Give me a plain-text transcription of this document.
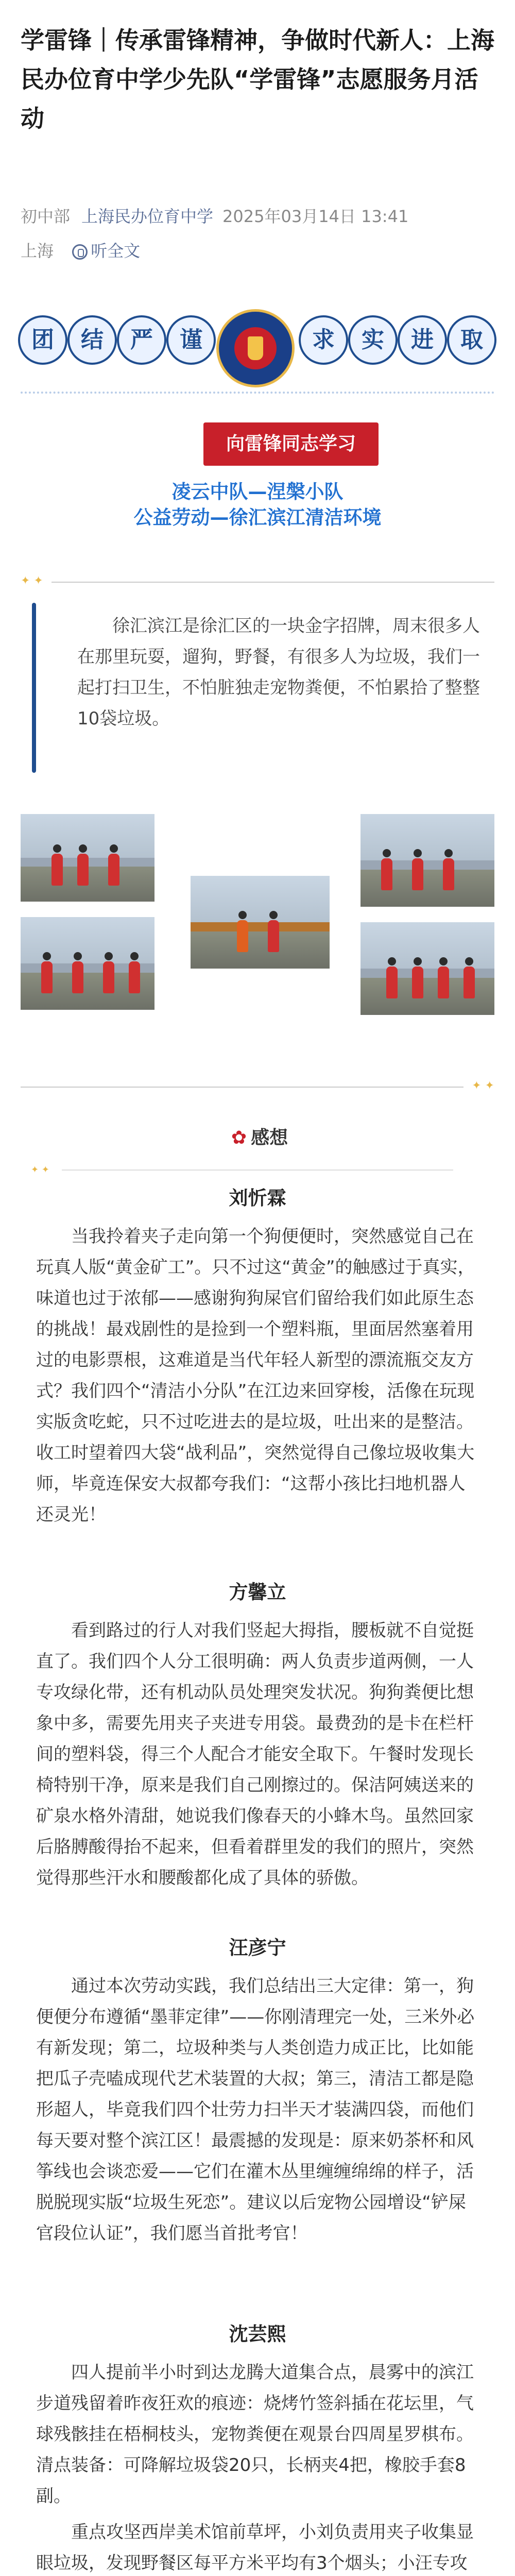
学雷锋｜传承雷锋精神，争做时代新人：上海民办位育中学少先队“学雷锋”志愿服务月活动
初中部 上海民办位育中学 2025年03月14日 13:41
上海 听全文
团	结	严	谨	求	实	进	取
向雷锋同志学习
凌云中队—涅槃小队
公益劳动—徐汇滨江清洁环境
✦ ✦

徐汇滨江是徐汇区的一块金字招牌，周末很多人在那里玩耍，遛狗，野餐，有很多人为垃圾，我们一起打扫卫生，不怕脏独走宠物粪便，不怕累拾了整整10袋垃圾。

✦ ✦
✿ 感想
✦ ✦
刘忻霖

当我拎着夹子走向第一个狗便便时，突然感觉自己在玩真人版“黄金矿工”。只不过这“黄金”的触感过于真实，味道也过于浓郁——感谢狗狗屎官们留给我们如此原生态的挑战！最戏剧性的是捡到一个塑料瓶，里面居然塞着用过的电影票根，这难道是当代年轻人新型的漂流瓶交友方式？我们四个“清洁小分队”在江边来回穿梭，活像在玩现实版贪吃蛇，只不过吃进去的是垃圾，吐出来的是整洁。收工时望着四大袋“战利品”，突然觉得自己像垃圾收集大师，毕竟连保安大叔都夸我们：“这帮小孩比扫地机器人还灵光！

方馨立

看到路过的行人对我们竖起大拇指，腰板就不自觉挺直了。我们四个人分工很明确：两人负责步道两侧，一人专攻绿化带，还有机动队员处理突发状况。狗狗粪便比想象中多，需要先用夹子夹进专用袋。最费劲的是卡在栏杆间的塑料袋，得三个人配合才能安全取下。午餐时发现长椅特别干净，原来是我们自己刚擦过的。保洁阿姨送来的矿泉水格外清甜，她说我们像春天的小蜂木鸟。虽然回家后胳膊酸得抬不起来，但看着群里发的我们的照片，突然觉得那些汗水和腰酸都化成了具体的骄傲。

汪彦宁

通过本次劳动实践，我们总结出三大定律：第一，狗便便分布遵循“墨菲定律”——你刚清理完一处，三米外必有新发现；第二，垃圾种类与人类创造力成正比，比如能把瓜子壳嗑成现代艺术装置的大叔；第三，清洁工都是隐形超人，毕竟我们四个壮劳力扫半天才装满四袋，而他们每天要对整个滨江区！最震撼的发现是：原来奶茶杯和风筝线也会谈恋爱——它们在灌木丛里缠缠绵绵的样子，活脱脱现实版“垃圾生死恋”。建议以后宠物公园增设“铲屎官段位认证”，我们愿当首批考官！

沈芸熙

四人提前半小时到达龙腾大道集合点，晨雾中的滨江步道残留着昨夜狂欢的痕迹：烧烤竹签斜插在花坛里，气球残骸挂在梧桐枝头，宠物粪便在观景台四周星罗棋布。清点装备：可降解垃圾袋20只，长柄夹4把，橡胶手套8副。

重点攻坚西岸美术馆前草坪，小刘负责用夹子收集显眼垃圾，发现野餐区每平方米平均有3个烟头；小汪专攻
